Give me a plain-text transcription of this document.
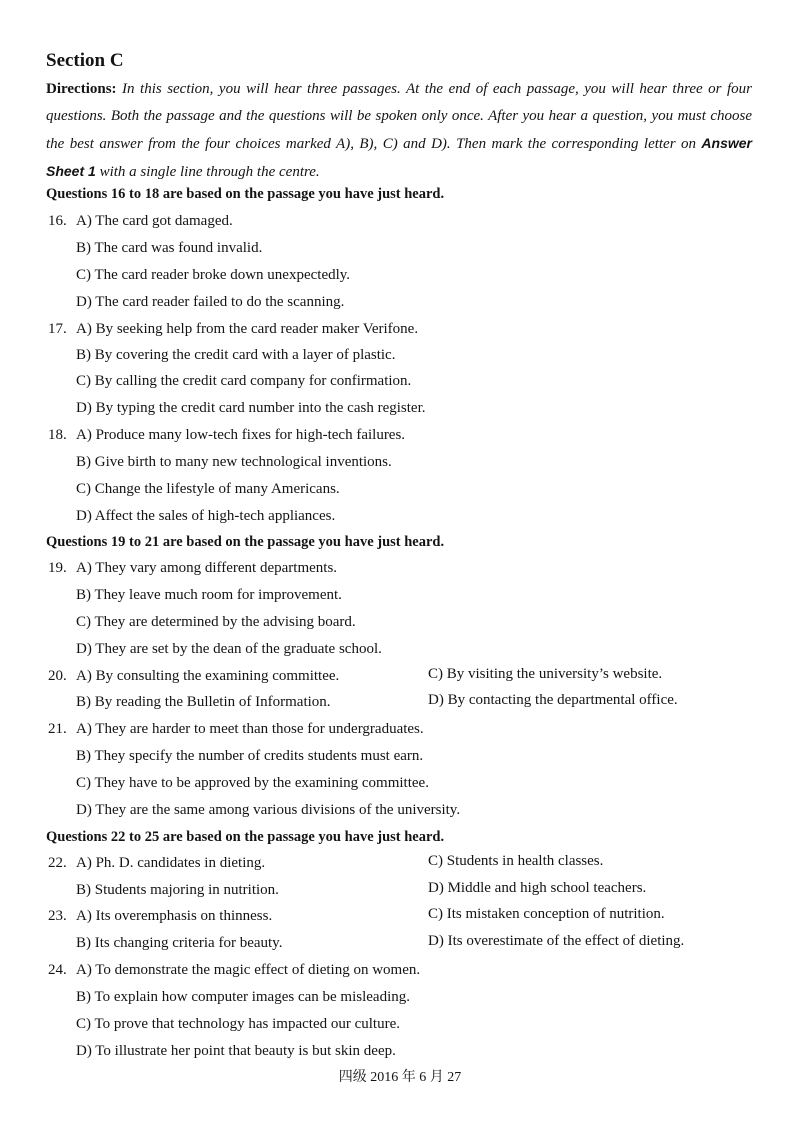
Section C
Directions: In this section, you will hear three passages. At the end of each passage, you will hear three or four questions. Both the passage and the questions will be spoken only once. After you hear a question, you must choose the best answer from the four choices marked A), B), C) and D). Then mark the corresponding letter on Answer Sheet 1 with a single line through the centre.
Questions 16 to 18 are based on the passage you have just heard.
16. A) The card got damaged.
B) The card was found invalid.
C) The card reader broke down unexpectedly.
D) The card reader failed to do the scanning.
17. A) By seeking help from the card reader maker Verifone.
B) By covering the credit card with a layer of plastic.
C) By calling the credit card company for confirmation.
D) By typing the credit card number into the cash register.
18. A) Produce many low-tech fixes for high-tech failures.
B) Give birth to many new technological inventions.
C) Change the lifestyle of many Americans.
D) Affect the sales of high-tech appliances.
Questions 19 to 21 are based on the passage you have just heard.
19. A) They vary among different departments.
B) They leave much room for improvement.
C) They are determined by the advising board.
D) They are set by the dean of the graduate school.
20. A) By consulting the examining committee.	C) By visiting the university’s website.
B) By reading the Bulletin of Information.	D) By contacting the departmental office.
21. A) They are harder to meet than those for undergraduates.
B) They specify the number of credits students must earn.
C) They have to be approved by the examining committee.
D) They are the same among various divisions of the university.
Questions 22 to 25 are based on the passage you have just heard.
22. A) Ph. D. candidates in dieting.	C) Students in health classes.
B) Students majoring in nutrition.	D) Middle and high school teachers.
23. A) Its overemphasis on thinness.	C) Its mistaken conception of nutrition.
B) Its changing criteria for beauty.	D) Its overestimate of the effect of dieting.
24. A) To demonstrate the magic effect of dieting on women.
B) To explain how computer images can be misleading.
C) To prove that technology has impacted our culture.
D) To illustrate her point that beauty is but skin deep.
四级 2016 年 6 月 27
